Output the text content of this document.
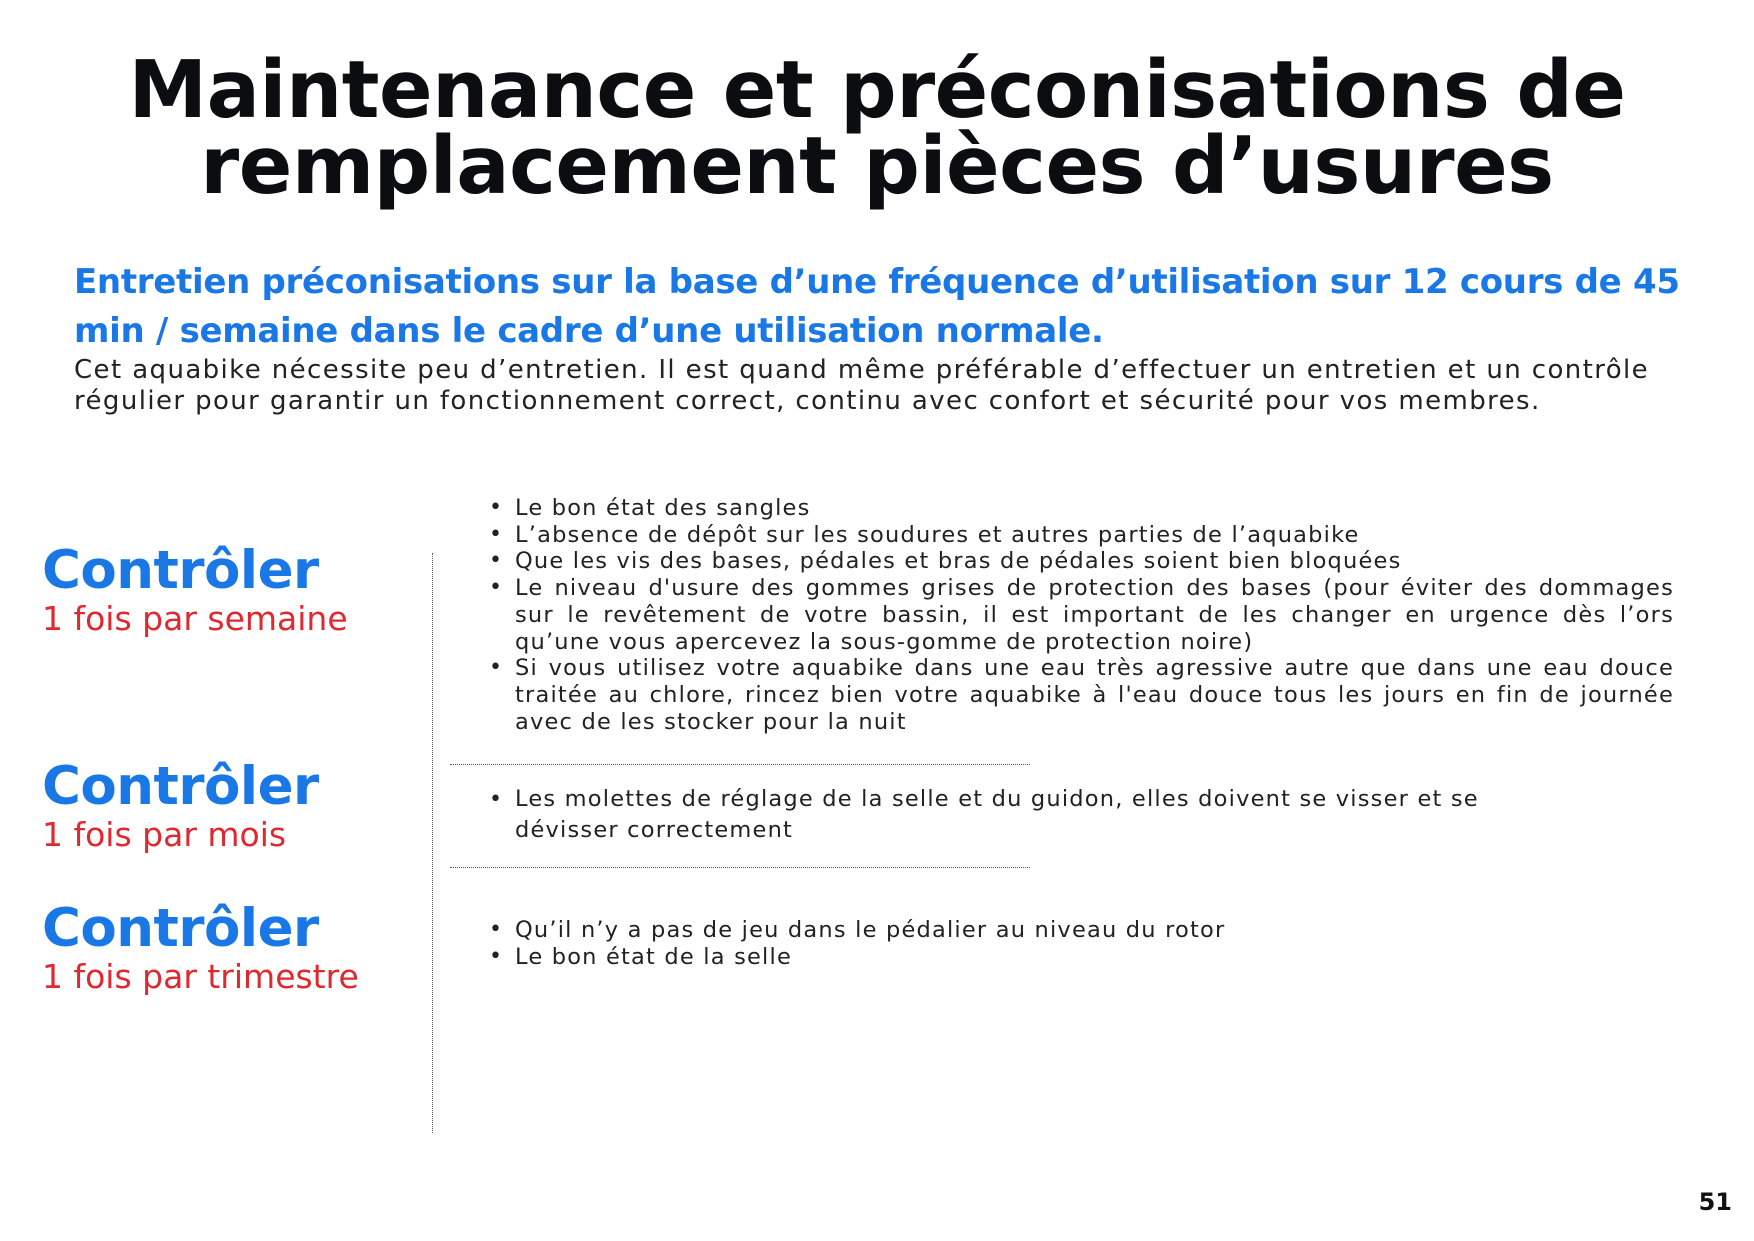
Maintenance et préconisations de
remplacement pièces d’usures

Entretien préconisations sur la base d’une fréquence d’utilisation sur 12 cours de 45 min / semaine dans le cadre d’une utilisation normale.

Cet aquabike nécessite peu d’entretien. Il est quand même préférable d’effectuer un entretien et un contrôle régulier pour garantir un fonctionnement correct, continu avec confort et sécurité pour vos membres.

Contrôler
1 fois par semaine
• Le bon état des sangles
• L’absence de dépôt sur les soudures et autres parties de l’aquabike
• Que les vis des bases, pédales et bras de pédales soient bien bloquées
• Le niveau d'usure des gommes grises de protection des bases (pour éviter des dommages sur le revêtement de votre bassin, il est important de les changer en urgence dès l’ors qu’une vous apercevez la sous-gomme de protection noire)
• Si vous utilisez votre aquabike dans une eau très agressive autre que dans une eau douce traitée au chlore, rincez bien votre aquabike à l'eau douce tous les jours en fin de journée avec de les stocker pour la nuit
Contrôler
1 fois par mois
• Les molettes de réglage de la selle et du guidon, elles doivent se visser et se dévisser correctement
Contrôler
1 fois par trimestre
• Qu’il n’y a pas de jeu dans le pédalier au niveau du rotor
• Le bon état de la selle
51
